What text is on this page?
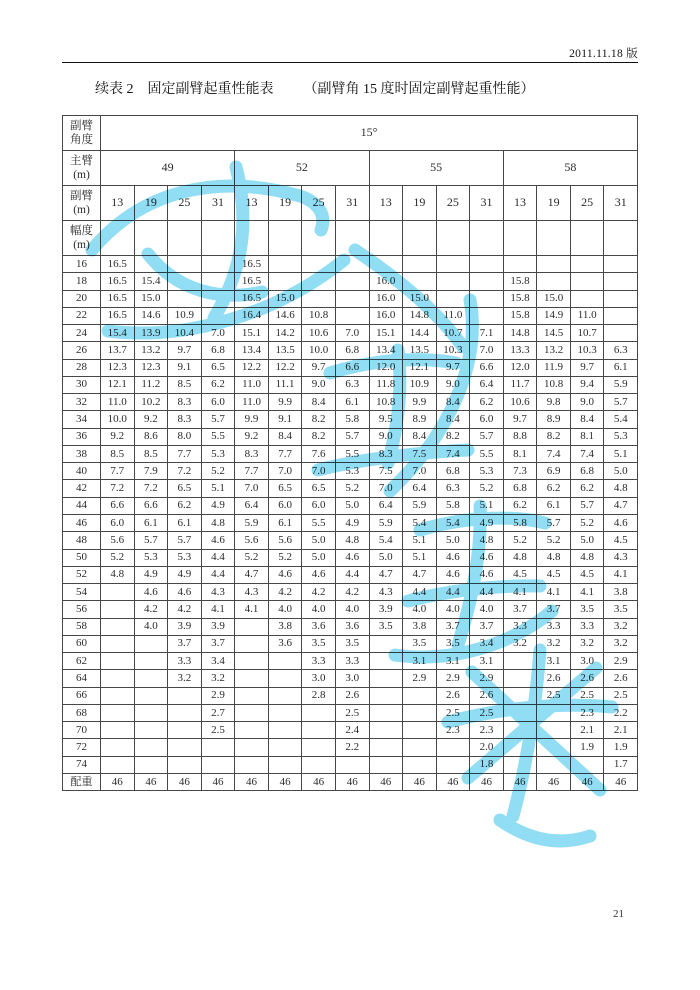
2011.11.18 版
续表 2　固定副臂起重性能表 （副臂角 15 度时固定副臂起重性能）
副臂
角度	15°															

主臂
(m)	49				52				55				58			

副臂
(m)	13	19	25	31	13	19	25	31	13	19	25	31	13	19	25	31

幅度
(m)																

16	16.5				16.5											
18	16.5	15.4			16.5				16.0				15.8			
20	16.5	15.0			16.5	15.0			16.0	15.0			15.8	15.0		
22	16.5	14.6	10.9		16.4	14.6	10.8		16.0	14.8	11.0		15.8	14.9	11.0	
24	15.4	13.9	10.4	7.0	15.1	14.2	10.6	7.0	15.1	14.4	10.7	7.1	14.8	14.5	10.7	
26	13.7	13.2	9.7	6.8	13.4	13.5	10.0	6.8	13.4	13.5	10.3	7.0	13.3	13.2	10.3	6.3
28	12.3	12.3	9.1	6.5	12.2	12.2	9.7	6.6	12.0	12.1	9.7	6.6	12.0	11.9	9.7	6.1
30	12.1	11.2	8.5	6.2	11.0	11.1	9.0	6.3	11.8	10.9	9.0	6.4	11.7	10.8	9.4	5.9
32	11.0	10.2	8.3	6.0	11.0	9.9	8.4	6.1	10.8	9.9	8.4	6.2	10.6	9.8	9.0	5.7
34	10.0	9.2	8.3	5.7	9.9	9.1	8.2	5.8	9.5	8.9	8.4	6.0	9.7	8.9	8.4	5.4
36	9.2	8.6	8.0	5.5	9.2	8.4	8.2	5.7	9.0	8.4	8.2	5.7	8.8	8.2	8.1	5.3
38	8.5	8.5	7.7	5.3	8.3	7.7	7.6	5.5	8.3	7.5	7.4	5.5	8.1	7.4	7.4	5.1
40	7.7	7.9	7.2	5.2	7.7	7.0	7.0	5.3	7.5	7.0	6.8	5.3	7.3	6.9	6.8	5.0
42	7.2	7.2	6.5	5.1	7.0	6.5	6.5	5.2	7.0	6.4	6.3	5.2	6.8	6.2	6.2	4.8
44	6.6	6.6	6.2	4.9	6.4	6.0	6.0	5.0	6.4	5.9	5.8	5.1	6.2	6.1	5.7	4.7
46	6.0	6.1	6.1	4.8	5.9	6.1	5.5	4.9	5.9	5.4	5.4	4.9	5.8	5.7	5.2	4.6
48	5.6	5.7	5.7	4.6	5.6	5.6	5.0	4.8	5.4	5.1	5.0	4.8	5.2	5.2	5.0	4.5
50	5.2	5.3	5.3	4.4	5.2	5.2	5.0	4.6	5.0	5.1	4.6	4.6	4.8	4.8	4.8	4.3
52	4.8	4.9	4.9	4.4	4.7	4.6	4.6	4.4	4.7	4.7	4.6	4.6	4.5	4.5	4.5	4.1
54		4.6	4.6	4.3	4.3	4.2	4.2	4.2	4.3	4.4	4.4	4.4	4.1	4.1	4.1	3.8
56		4.2	4.2	4.1	4.1	4.0	4.0	4.0	3.9	4.0	4.0	4.0	3.7	3.7	3.5	3.5
58		4.0	3.9	3.9		3.8	3.6	3.6	3.5	3.8	3.7	3.7	3.3	3.3	3.3	3.2
60			3.7	3.7		3.6	3.5	3.5		3.5	3.5	3.4	3.2	3.2	3.2	3.2
62			3.3	3.4			3.3	3.3		3.1	3.1	3.1		3.1	3.0	2.9
64			3.2	3.2			3.0	3.0		2.9	2.9	2.9		2.6	2.6	2.6
66				2.9			2.8	2.6			2.6	2.6		2.5	2.5	2.5
68				2.7				2.5			2.5	2.5			2.3	2.2
70				2.5				2.4			2.3	2.3			2.1	2.1
72								2.2				2.0			1.9	1.9
74												1.8				1.7
配重	46	46	46	46	46	46	46	46	46	46	46	46	46	46	46	46
21
